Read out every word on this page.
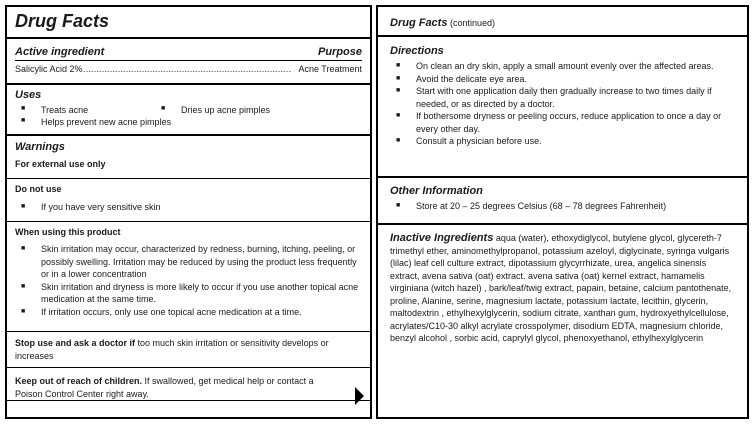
Drug Facts
Active ingredient	Purpose
Salicylic Acid 2% …………………………………………………………………… Acne Treatment
Uses
■ Treats acne	■ Dries up acne pimples
■ Helps prevent new acne pimples
Warnings
For external use only
Do not use
■ If you have very sensitive skin
When using this product
■ Skin irritation may occur, characterized by redness, burning, itching, peeling, or possibly swelling. Irritation may be reduced by using the product less frequently or in a lower concentration
■ Skin irritation and dryness is more likely to occur if you use another topical acne medication at the same time.
■ If irritation occurs, only use one topical acne medication at a time.
Stop use and ask a doctor if too much skin irritation or sensitivity develops or increases
Keep out of reach of children. If swallowed, get medical help or contact a Poison Control Center right away.
Drug Facts (continued)
Directions
■ On clean an dry skin, apply a small amount evenly over the affected areas.
■ Avoid the delicate eye area.
■ Start with one application daily then gradually increase to two times daily if needed, or as directed by a doctor.
■ If bothersome dryness or peeling occurs, reduce application to once a day or every other day.
■ Consult a physician before use.
Other Information
■ Store at 20 – 25 degrees Celsius (68 – 78 degrees Fahrenheit)
Inactive Ingredients aqua (water), ethoxydiglycol, butylene glycol, glycereth-7 trimethyl ether, aminomethylpropanol, potassium azeloyl, diglycinate, syringa vulgaris (lilac) leaf cell culture extract, dipotassium glycyrrhizate, urea, angelica sinensis extract, avena sativa (oat) extract. avena sativa (oat) kernel extract, hamamelis virginiana (witch hazel) , bark/leaf/twig extract, papain, betaine, calcium pantothenate, proline, Alanine, serine, magnesium lactate, potassium lactate, lecithin, glycerin, maltodextrin , ethylhexylglycerin, sodium citrate, xanthan gum, hydroxyethylcellulose, acrylates/C10-30 alkyl acrylate crosspolymer, disodium EDTA, magnesium chloride, benzyl alcohol , sorbic acid, caprylyl glycol, phenoxyethanol, ethylhexylglycerin
